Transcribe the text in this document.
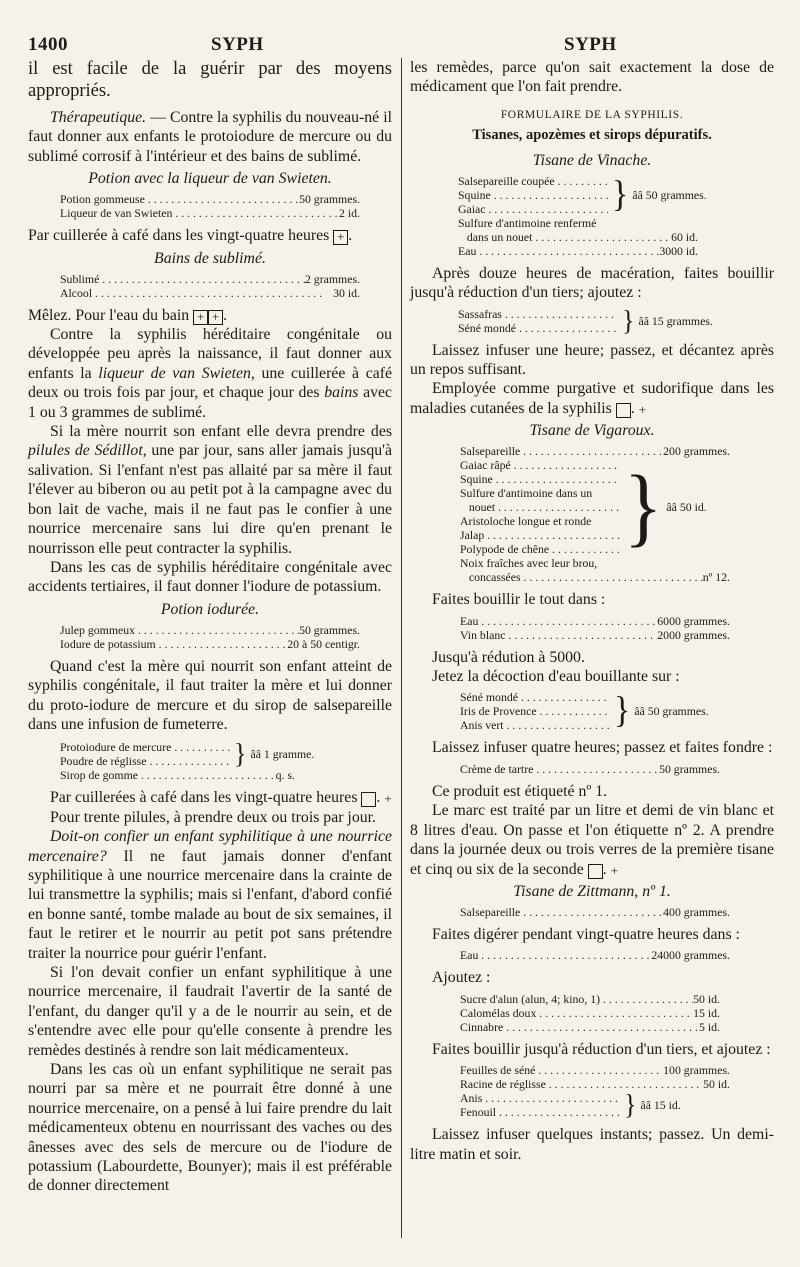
1400	SYPH	SYPH

il est facile de la guérir par des moyens appropriés.

Thérapeutique. — Contre la syphilis du nouveau-né il faut donner aux enfants le protoiodure de mercure ou du sublimé corrosif à l'intérieur et des bains de sublimé.

Potion avec la liqueur de van Swieten.
Potion gommeuse . . .	50 grammes.
Liqueur de van Swieten . . .	2 id.

Par cuillerée à café dans les vingt-quatre heures + .

Bains de sublimé.
Sublimé . . .	2 grammes.
Alcool . . .	30 id.

Mêlez. Pour l'eau du bain + + .

Contre la syphilis héréditaire congénitale ou développée peu après la naissance, il faut donner aux enfants la liqueur de van Swieten, une cuillerée à café deux ou trois fois par jour, et chaque jour des bains avec 1 ou 3 grammes de sublimé.

Si la mère nourrit son enfant elle devra prendre des pilules de Sédillot, une par jour, sans aller jamais jusqu'à salivation. Si l'enfant n'est pas allaité par sa mère il faut l'élever au biberon ou au petit pot à la campagne avec du bon lait de vache, mais il ne faut pas le confier à une nourrice mercenaire sans lui dire qu'en prenant le nourrisson elle peut contracter la syphilis.

Dans les cas de syphilis héréditaire congénitale avec accidents tertiaires, il faut donner l'iodure de potassium.

Potion iodurée.
Julep gommeux . . .	50 grammes.
Iodure de potassium . . .	20 à 50 centigr.

Quand c'est la mère qui nourrit son enfant atteint de syphilis congénitale, il faut traiter la mère et lui donner du proto-iodure de mercure et du sirop de salsepareille dans une infusion de fumeterre.

Protoiodure de mercure . . .
Poudre de réglisse . . .	} ââ 1 gramme.
Sirop de gomme . . .	q. s.

Par cuillerées à café dans les vingt-quatre heures +.

Pour trente pilules, à prendre deux ou trois par jour.

Doit-on confier un enfant syphilitique à une nourrice mercenaire? Il ne faut jamais donner d'enfant syphilitique à une nourrice mercenaire dans la crainte de lui transmettre la syphilis; mais si l'enfant, d'abord confié en bonne santé, tombe malade au bout de six semaines, il faut le retirer et le nourrir au petit pot sans prétendre traiter la nourrice pour guérir l'enfant.

Si l'on devait confier un enfant syphilitique à une nourrice mercenaire, il faudrait l'avertir de la santé de l'enfant, du danger qu'il y a de le nourrir au sein, et de s'entendre avec elle pour qu'elle consente à prendre les remèdes destinés à rendre son lait médicamenteux.

Dans les cas où un enfant syphilitique ne serait pas nourri par sa mère et ne pourrait être donné à une nourrice mercenaire, on a pensé à lui faire prendre du lait médicamenteux obtenu en nourrissant des vaches ou des ânesses avec des sels de mercure ou de l'iodure de potassium (Labourdette, Bounyer); mais il est préférable de donner directement

les remèdes, parce qu'on sait exactement la dose de médicament que l'on fait prendre.

FORMULAIRE DE LA SYPHILIS.
Tisanes, apozèmes et sirops dépuratifs.
Tisane de Vinache.
Salsepareille coupée . . .
Squine . . .
Gaiac . . .	} ââ 50 grammes.
Sulfure d'antimoine renfermé
dans un nouet . . .	60 id.
Eau . . .	3000 id.

Après douze heures de macération, faites bouillir jusqu'à réduction d'un tiers; ajoutez :

Sassafras . . .
Séné mondé . . .	} ââ 15 grammes.

Laissez infuser une heure; passez, et décantez après un repos suffisant.

Employée comme purgative et sudorifique dans les maladies cutanées de la syphilis +.

Tisane de Vigaroux.
Salsepareille . . .	200 grammes.
Gaiac râpé . . .
Squine . . .
Sulfure d'antimoine dans un
nouet . . .
Aristoloche longue et ronde
Jalap . . .
Polypode de chêne . . . } ââ 50 id.
Noix fraîches avec leur brou,
concassées . . .	nº 12.

Faites bouillir le tout dans :

Eau . . .	6000 grammes.
Vin blanc . . .	2000 grammes.

Jusqu'à rédution à 5000.

Jetez la décoction d'eau bouillante sur :

Séné mondé . . .
Iris de Provence . . .
Anis vert . . .	} ââ 50 grammes.

Laissez infuser quatre heures; passez et faites fondre :

Crème de tartre . . .	50 grammes.

Ce produit est étiqueté nº 1.

Le marc est traité par un litre et demi de vin blanc et 8 litres d'eau. On passe et l'on étiquette nº 2. A prendre dans la journée deux ou trois verres de la première tisane et cinq ou six de la seconde +.

Tisane de Zittmann, nº 1.
Salsepareille . . .	400 grammes.

Faites digérer pendant vingt-quatre heures dans :

Eau . . .	24000 grammes.

Ajoutez :

Sucre d'alun (alun, 4; kino, 1) . . .	50 id.
Calomélas doux . . .	15 id.
Cinnabre . . .	5 id.

Faites bouillir jusqu'à réduction d'un tiers, et ajoutez :

Feuilles de séné . . .	100 grammes.
Racine de réglisse . . .	50 id.
Anis . . .
Fenouil . . .	} ââ 15 id.

Laissez infuser quelques instants; passez. Un demi-litre matin et soir.
